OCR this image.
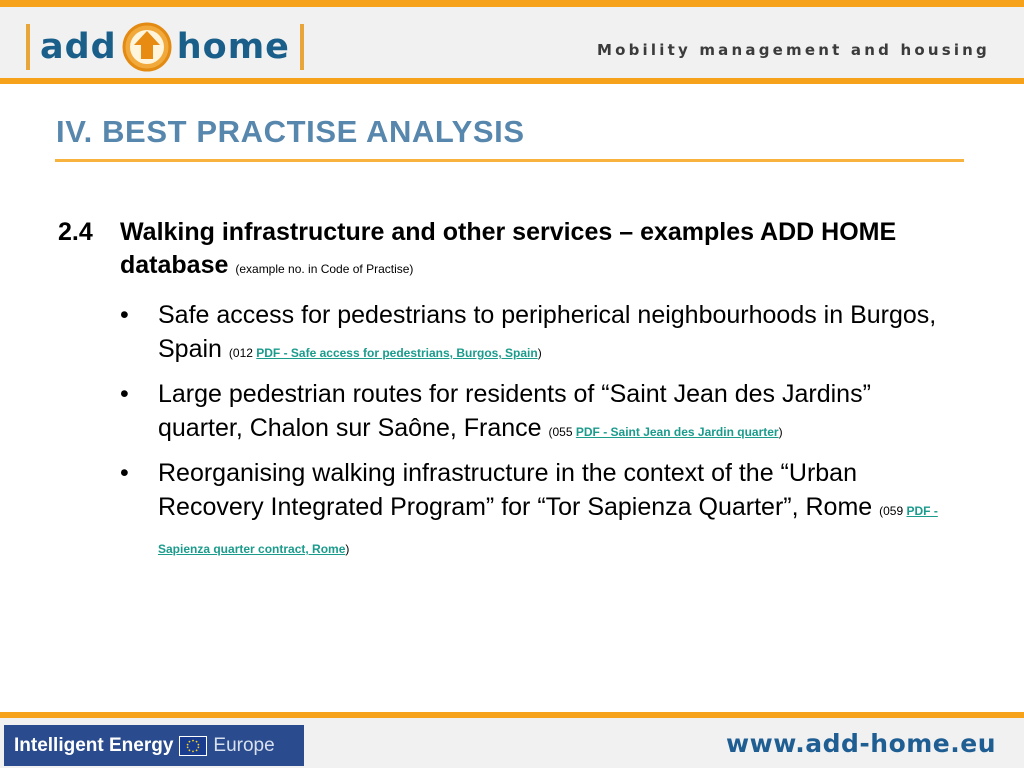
add home	Mobility management and housing
IV. BEST PRACTISE ANALYSIS
2.4	Walking infrastructure and other services – examples ADD HOME database (example no. in Code of Practise)
•	Safe access for pedestrians to peripherical neighbourhoods in Burgos, Spain (012 PDF - Safe access for pedestrians, Burgos, Spain)
•	Large pedestrian routes for residents of “Saint Jean des Jardins” quarter, Chalon sur Saône, France (055 PDF - Saint Jean des Jardin quarter)
•	Reorganising walking infrastructure in the context of the “Urban Recovery Integrated Program” for “Tor Sapienza Quarter”, Rome (059 PDF - Sapienza quarter contract, Rome)
Intelligent Energy Europe	www.add-home.eu
